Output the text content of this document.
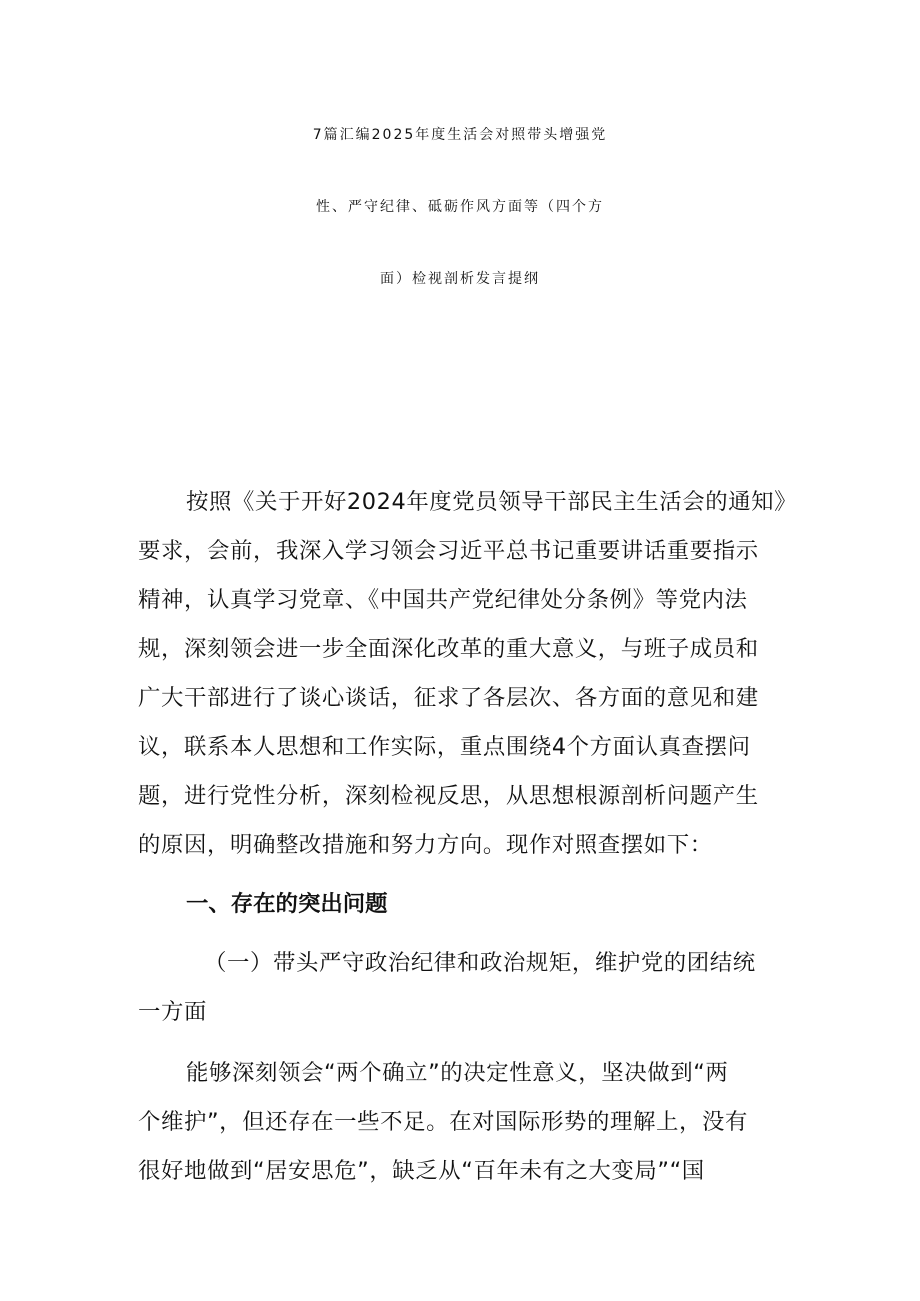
7篇汇编2025年度生活会对照带头增强党
性、严守纪律、砥砺作风方面等（四个方
面）检视剖析发言提纲
按照《关于开好2024年度党员领导干部民主生活会的通知》
要求，会前，我深入学习领会习近平总书记重要讲话重要指示
精神，认真学习党章、《中国共产党纪律处分条例》等党内法
规，深刻领会进一步全面深化改革的重大意义，与班子成员和
广大干部进行了谈心谈话，征求了各层次、各方面的意见和建
议，联系本人思想和工作实际，重点围绕4个方面认真查摆问
题，进行党性分析，深刻检视反思，从思想根源剖析问题产生
的原因，明确整改措施和努力方向。现作对照查摆如下：
一、存在的突出问题
（一）带头严守政治纪律和政治规矩，维护党的团结统
一方面
能够深刻领会“两个确立”的决定性意义，坚决做到“两
个维护”，但还存在一些不足。在对国际形势的理解上，没有
很好地做到“居安思危”，缺乏从“百年未有之大变局”“国
